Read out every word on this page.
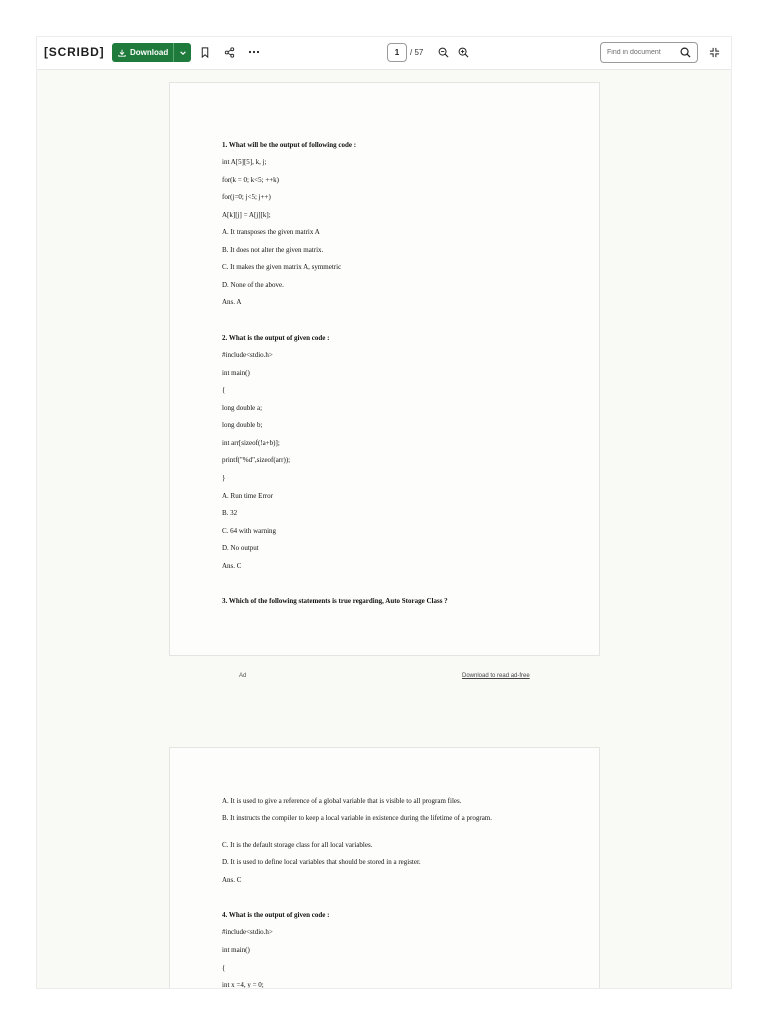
[SCRIBD]	Download	1	/ 57
Find in document
1. What will be the output of following code :
int A[5][5], k, j;
for(k = 0; k<5; ++k)
for(j=0; j<5; j++)
A[k][j] = A[j][k];
A. It transposes the given matrix A
B. It does not alter the given matrix.
C. It makes the given matrix A, symmetric
D. None of the above.
Ans. A
2. What is the output of given code :
#include<stdio.h>
int main()
{
long double a;
long double b;
int arr[sizeof(!a+b)];
printf("%d",sizeof(arr));
}
A. Run time Error
B. 32
C. 64 with warning
D. No output
Ans. C
3. Which of the following statements is true regarding, Auto Storage Class ?
Ad	Download to read ad-free
A. It is used to give a reference of a global variable that is visible to all program files.
B. It instructs the compiler to keep a local variable in existence during the lifetime of a program.
C. It is the default storage class for all local variables.
D. It is used to define local variables that should be stored in a register.
Ans. C
4. What is the output of given code :
#include<stdio.h>
int main()
{
int x =4, y = 0;
